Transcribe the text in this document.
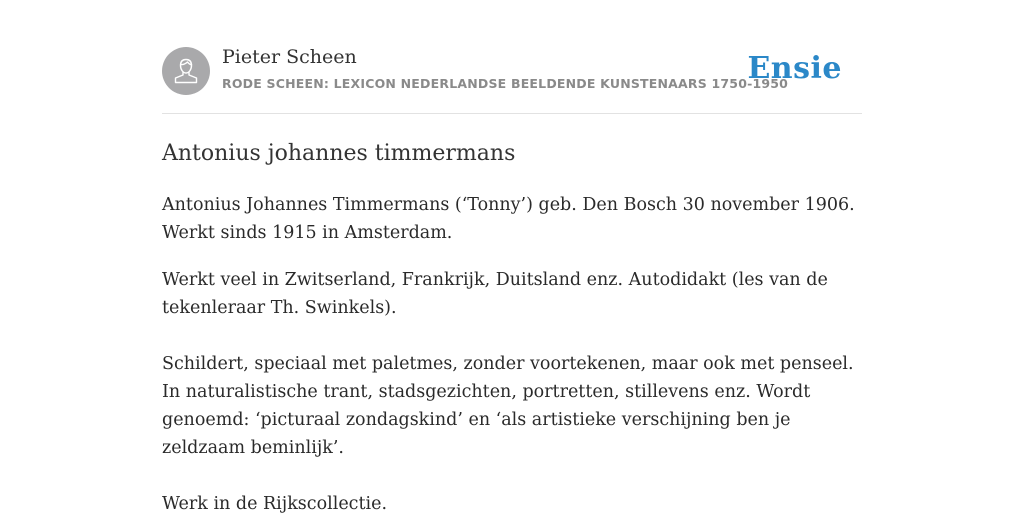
Pieter Scheen
RODE SCHEEN: LEXICON NEDERLANDSE BEELDENDE KUNSTENAARS 1750-1950
Ensie
Antonius johannes timmermans

Antonius Johannes Timmermans (‘Tonny’) geb. Den Bosch 30 november 1906. Werkt sinds 1915 in Amsterdam.

Werkt veel in Zwitserland, Frankrijk, Duitsland enz. Autodidakt (les van de tekenleraar Th. Swinkels).

Schildert, speciaal met paletmes, zonder voortekenen, maar ook met penseel. In naturalistische trant, stadsgezichten, portretten, stillevens enz. Wordt genoemd: ‘picturaal zondagskind’ en ‘als artistieke verschijning ben je zeldzaam beminlijk’.

Werk in de Rijkscollectie.
